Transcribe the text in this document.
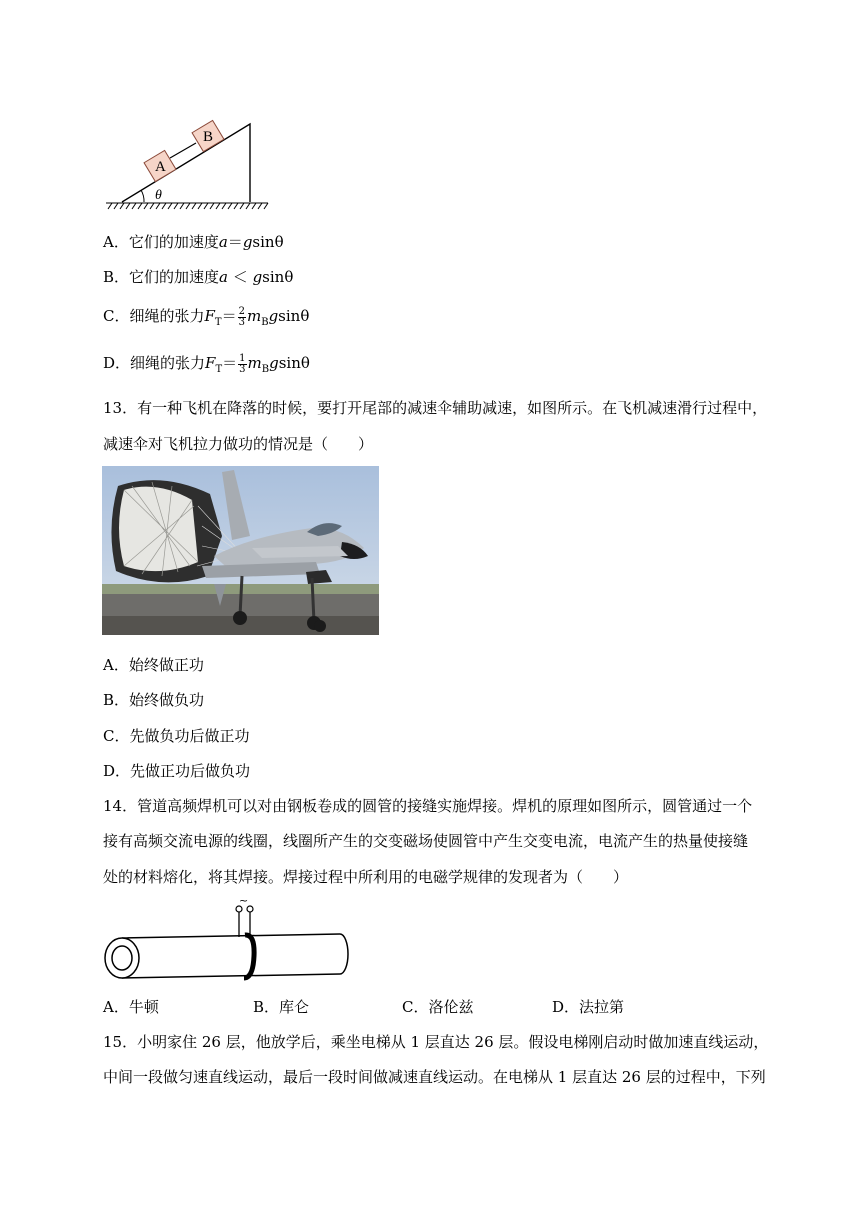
A
B
θ
A．它们的加速度a＝gsinθ
B．它们的加速度a ＜ gsinθ
C．细绳的张力$F_T= \frac{2}{3} m_Bgsin\theta$
D．细绳的张力$F_T= \frac{1}{3} m_Bgsin\theta$
13．有一种飞机在降落的时候，要打开尾部的减速伞辅助减速，如图所示。在飞机减速滑行过程中，
减速伞对飞机拉力做功的情况是（　　）
A．始终做正功
B．始终做负功
C．先做负功后做正功
D．先做正功后做负功
14．管道高频焊机可以对由钢板卷成的圆管的接缝实施焊接。焊机的原理如图所示，圆管通过一个
接有高频交流电源的线圈，线圈所产生的交变磁场使圆管中产生交变电流，电流产生的热量使接缝
处的材料熔化，将其焊接。焊接过程中所利用的电磁学规律的发现者为（　　）
~
A．牛顿	B．库仑	C．洛伦兹	D．法拉第
15．小明家住 26 层，他放学后，乘坐电梯从 1 层直达 26 层。假设电梯刚启动时做加速直线运动，
中间一段做匀速直线运动，最后一段时间做减速直线运动。在电梯从 1 层直达 26 层的过程中，下列
